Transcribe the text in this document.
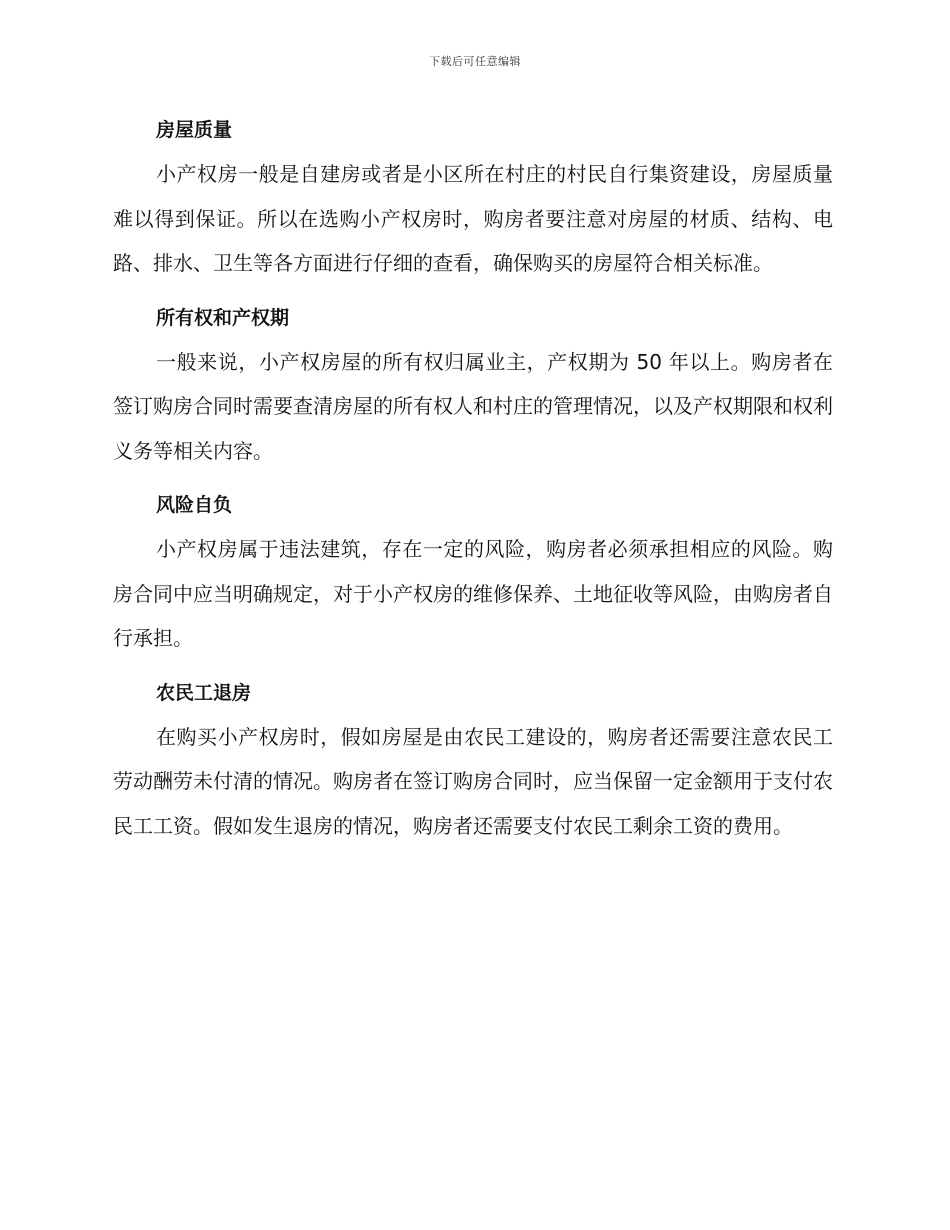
下载后可任意编辑
房屋质量

小产权房一般是自建房或者是小区所在村庄的村民自行集资建设，房屋质量难以得到保证。所以在选购小产权房时，购房者要注意对房屋的材质、结构、电路、排水、卫生等各方面进行仔细的查看，确保购买的房屋符合相关标准。

所有权和产权期

一般来说，小产权房屋的所有权归属业主，产权期为 50 年以上。购房者在签订购房合同时需要查清房屋的所有权人和村庄的管理情况，以及产权期限和权利义务等相关内容。

风险自负

小产权房属于违法建筑，存在一定的风险，购房者必须承担相应的风险。购房合同中应当明确规定，对于小产权房的维修保养、土地征收等风险，由购房者自行承担。

农民工退房

在购买小产权房时，假如房屋是由农民工建设的，购房者还需要注意农民工劳动酬劳未付清的情况。购房者在签订购房合同时，应当保留一定金额用于支付农民工工资。假如发生退房的情况，购房者还需要支付农民工剩余工资的费用。
